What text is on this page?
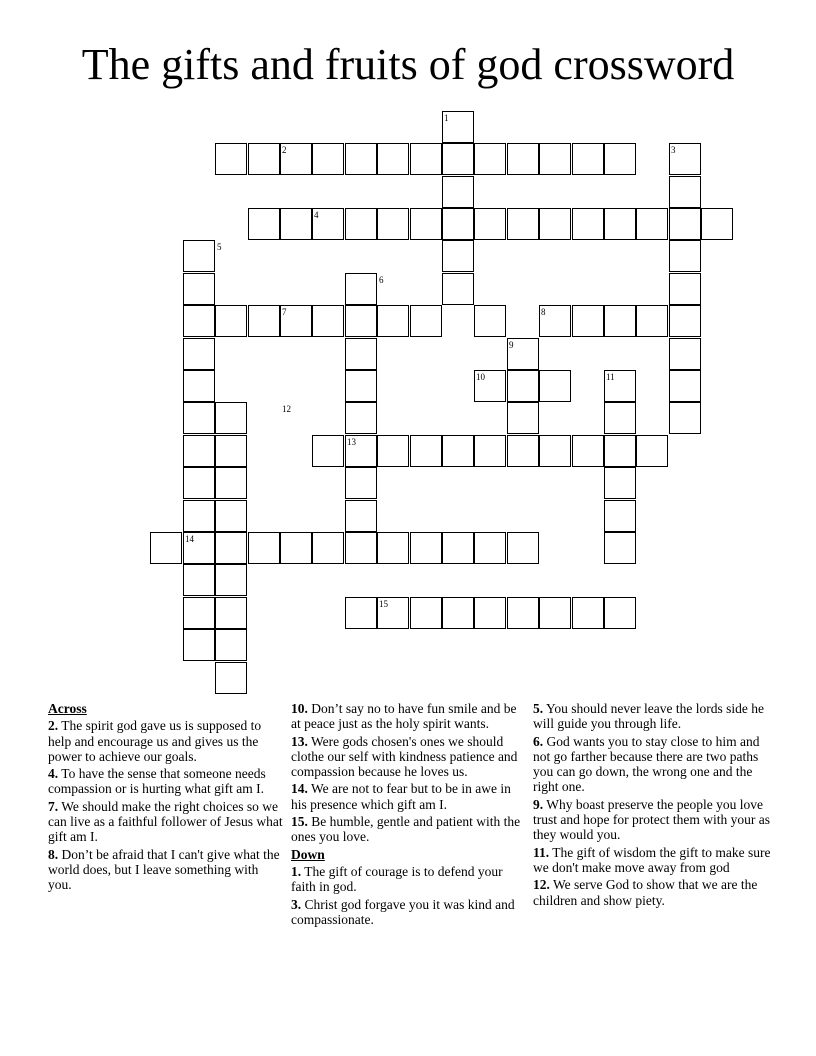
The gifts and fruits of god crossword
1
2	3
4
5
6
7	8
9
10	11
12
13
14
15
Across
2. The spirit god gave us is supposed to help and encourage us and gives us the power to achieve our goals.
4. To have the sense that someone needs compassion or is hurting what gift am I.
7. We should make the right choices so we can live as a faithful follower of Jesus what gift am I.
8. Don’t be afraid that I can't give what the world does, but I leave something with you.
10. Don’t say no to have fun smile and be at peace just as the holy spirit wants.
13. Were gods chosen's ones we should clothe our self with kindness patience and compassion because he loves us.
14. We are not to fear but to be in awe in his presence which gift am I.
15. Be humble, gentle and patient with the ones you love.
Down
1. The gift of courage is to defend your faith in god.
3. Christ god forgave you it was kind and compassionate.
5. You should never leave the lords side he will guide you through life.
6. God wants you to stay close to him and not go farther because there are two paths you can go down, the wrong one and the right one.
9. Why boast preserve the people you love trust and hope for protect them with your as they would you.
11. The gift of wisdom the gift to make sure we don't make move away from god
12. We serve God to show that we are the children and show piety.
